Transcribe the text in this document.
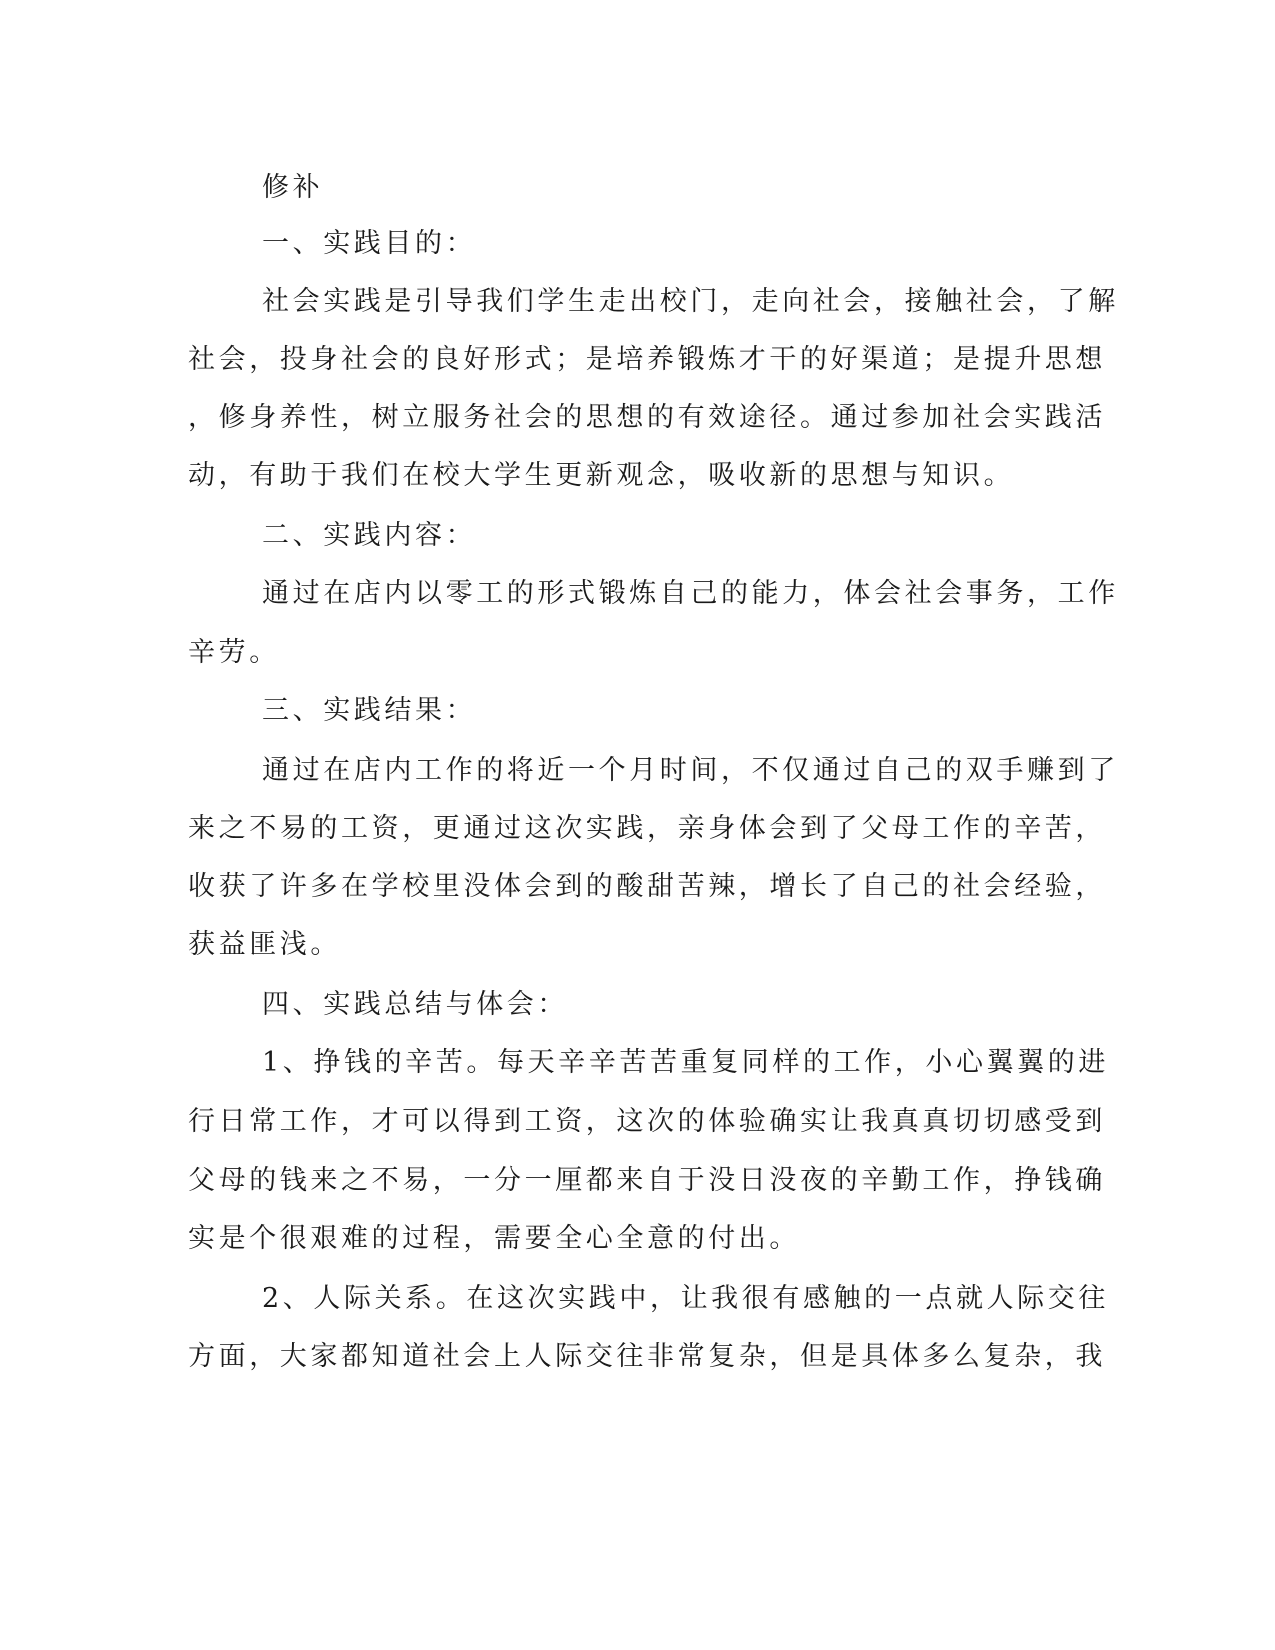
修补
一、实践目的：
社会实践是引导我们学生走出校门，走向社会，接触社会，了解
社会，投身社会的良好形式；是培养锻炼才干的好渠道；是提升思想
，修身养性，树立服务社会的思想的有效途径。通过参加社会实践活
动，有助于我们在校大学生更新观念，吸收新的思想与知识。
二、实践内容：
通过在店内以零工的形式锻炼自己的能力，体会社会事务，工作
辛劳。
三、实践结果：
通过在店内工作的将近一个月时间，不仅通过自己的双手赚到了
来之不易的工资，更通过这次实践，亲身体会到了父母工作的辛苦，
收获了许多在学校里没体会到的酸甜苦辣，增长了自己的社会经验，
获益匪浅。
四、实践总结与体会：
1、挣钱的辛苦。每天辛辛苦苦重复同样的工作，小心翼翼的进
行日常工作，才可以得到工资，这次的体验确实让我真真切切感受到
父母的钱来之不易，一分一厘都来自于没日没夜的辛勤工作，挣钱确
实是个很艰难的过程，需要全心全意的付出。
2、人际关系。在这次实践中，让我很有感触的一点就人际交往
方面，大家都知道社会上人际交往非常复杂，但是具体多么复杂，我
